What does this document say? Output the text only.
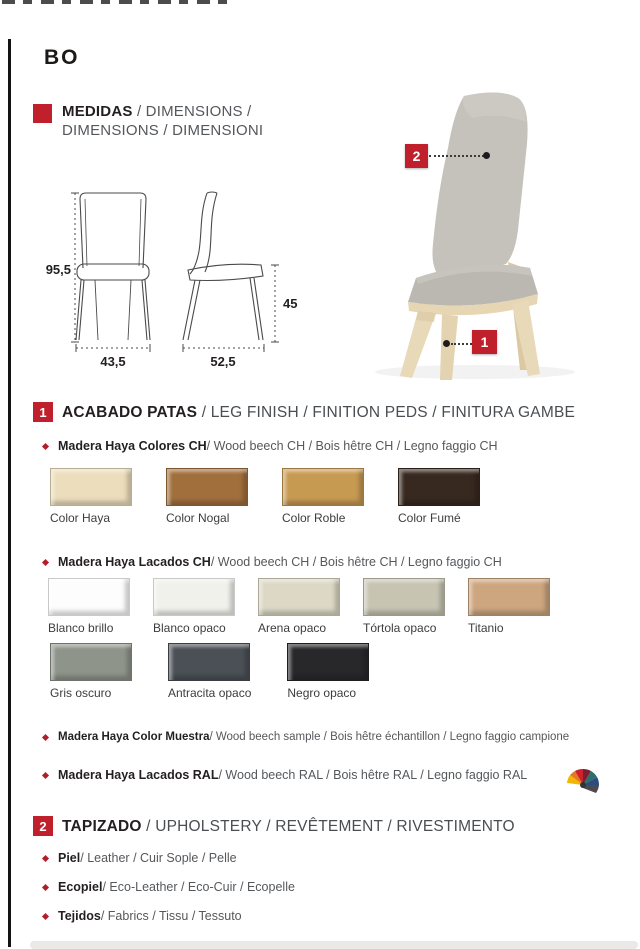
BO
MEDIDAS / DIMENSIONS /
DIMENSIONS / DIMENSIONI
95,5
43,5	52,5
45
2
1
1 ACABADO PATAS / LEG FINISH / FINITION PEDS / FINITURA GAMBE
Madera Haya Colores CH / Wood beech CH / Bois hêtre CH / Legno faggio CH
Color Haya	Color Nogal	Color Roble	Color Fumé
Madera Haya Lacados CH / Wood beech CH / Bois hêtre CH / Legno faggio CH
Blanco brillo	Blanco opaco	Arena opaco	Tórtola opaco	Titanio
Gris oscuro	Antracita opaco	Negro opaco
Madera Haya Color Muestra / Wood beech sample / Bois hêtre échantillon / Legno faggio campione
Madera Haya Lacados RAL / Wood beech RAL / Bois hêtre RAL / Legno faggio RAL
2 TAPIZADO / UPHOLSTERY / REVÊTEMENT / RIVESTIMENTO
Piel / Leather / Cuir Sople / Pelle
Ecopiel / Eco-Leather / Eco-Cuir / Ecopelle
Tejidos / Fabrics / Tissu / Tessuto
